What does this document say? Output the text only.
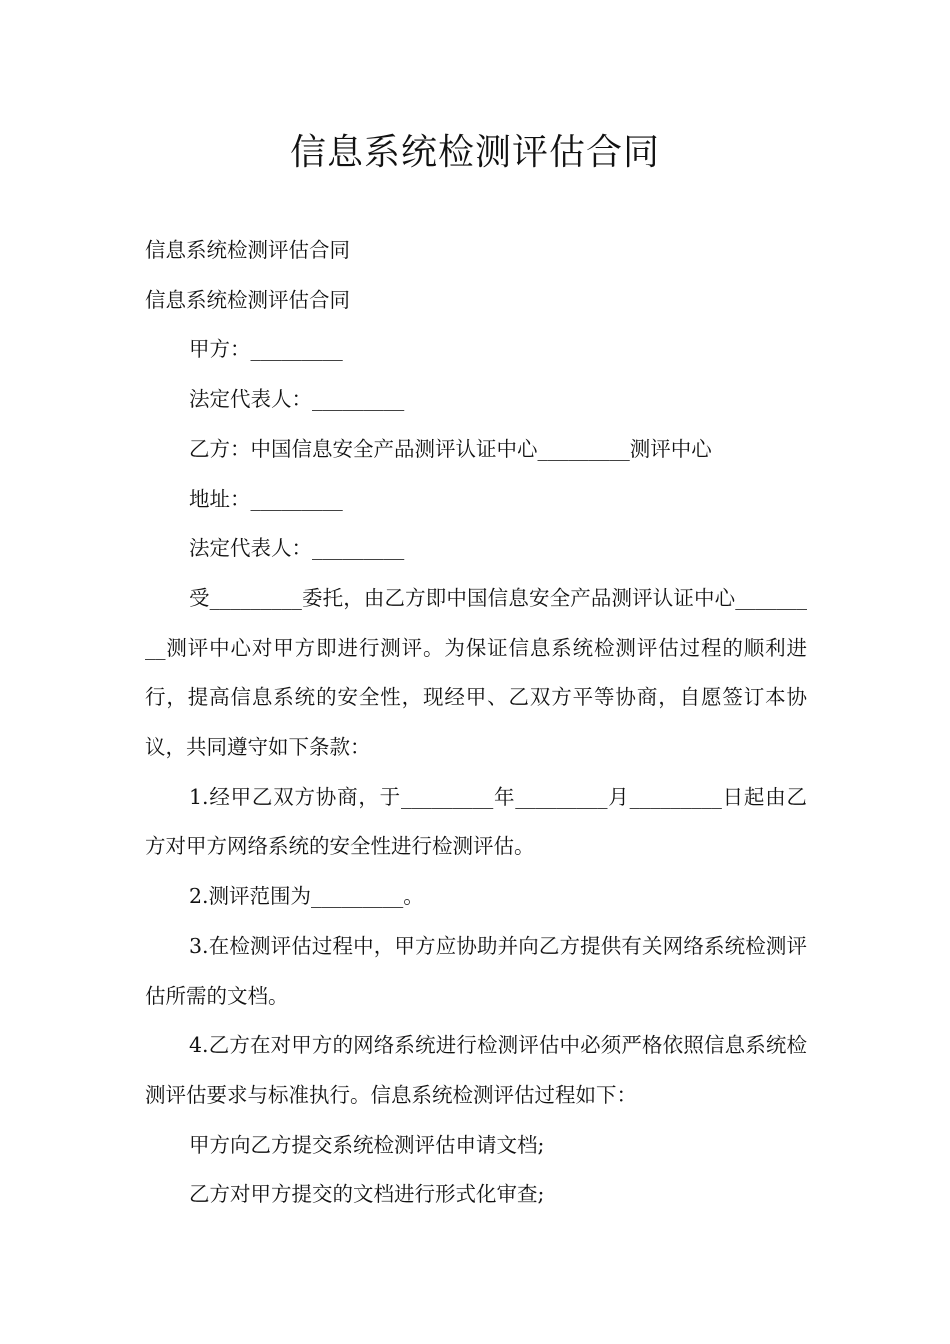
信息系统检测评估合同

信息系统检测评估合同

信息系统检测评估合同

甲方：_________

法定代表人：_________

乙方：中国信息安全产品测评认证中心_________测评中心

地址：_________

法定代表人：_________

受_________委托，由乙方即中国信息安全产品测评认证中心_________测评中心对甲方即进行测评。为保证信息系统检测评估过程的顺利进行，提高信息系统的安全性，现经甲、乙双方平等协商，自愿签订本协议，共同遵守如下条款：

1.经甲乙双方协商，于_________年_________月_________日起由乙方对甲方网络系统的安全性进行检测评估。

2.测评范围为_________。

3.在检测评估过程中，甲方应协助并向乙方提供有关网络系统检测评估所需的文档。

4.乙方在对甲方的网络系统进行检测评估中必须严格依照信息系统检测评估要求与标准执行。信息系统检测评估过程如下：

甲方向乙方提交系统检测评估申请文档;

乙方对甲方提交的文档进行形式化审查;
